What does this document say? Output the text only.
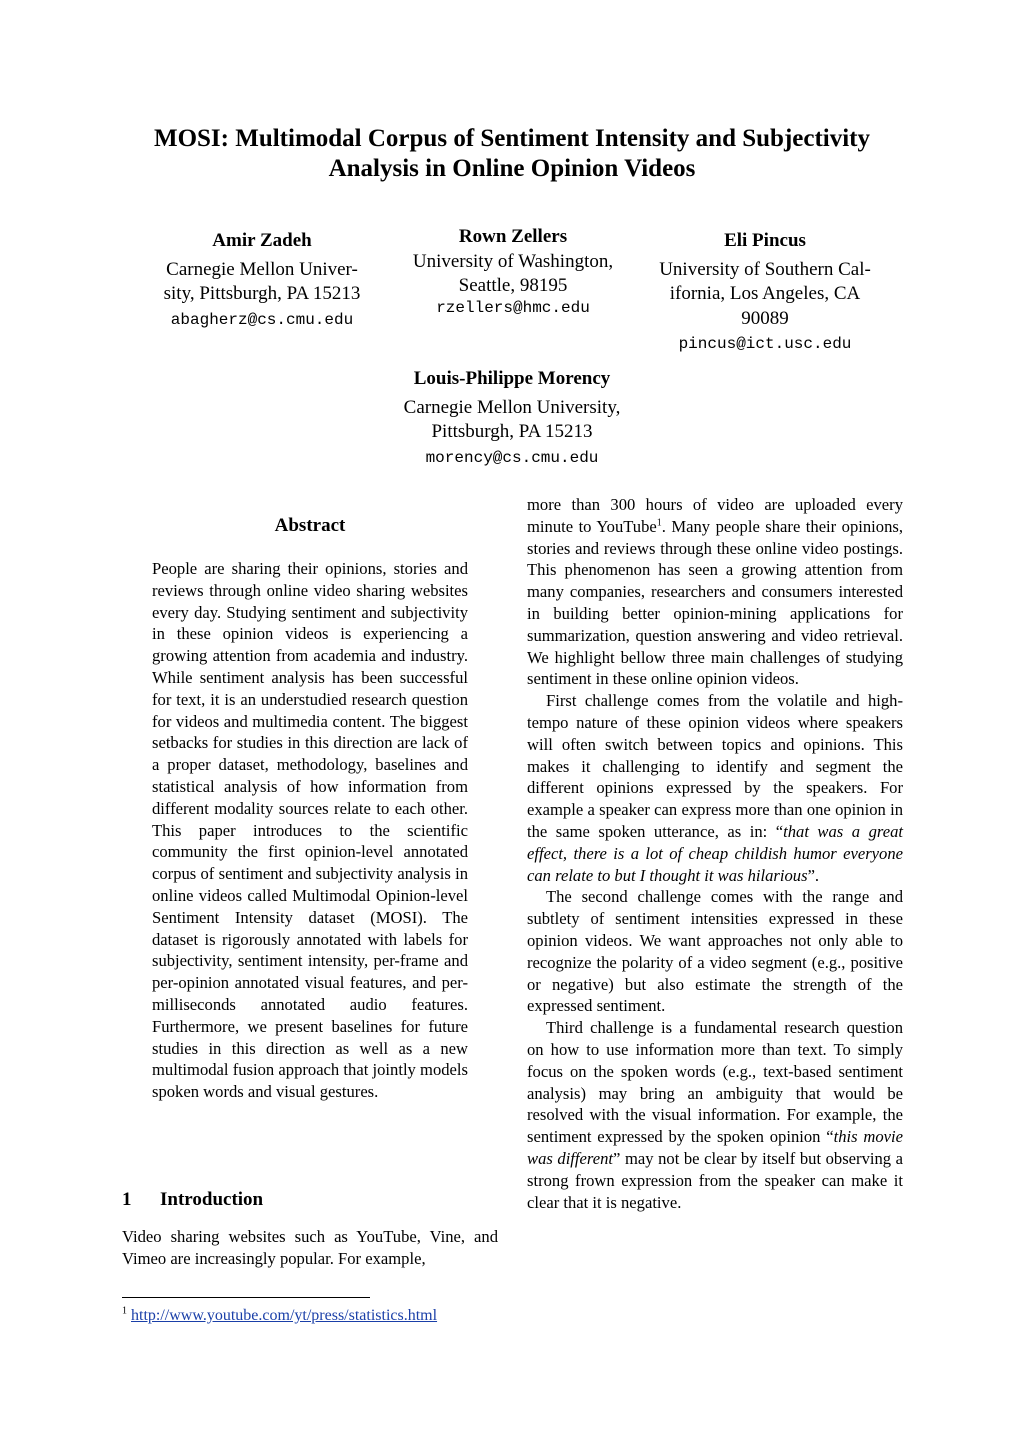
MOSI: Multimodal Corpus of Sentiment Intensity and Subjectivity
Analysis in Online Opinion Videos
Amir Zadeh
Carnegie Mellon Univer-
sity, Pittsburgh, PA 15213
abagherz@cs.cmu.edu
Rown Zellers
University of Washington,
Seattle, 98195
rzellers@hmc.edu
Eli Pincus
University of Southern Cal-
ifornia, Los Angeles, CA
90089
pincus@ict.usc.edu
Louis-Philippe Morency
Carnegie Mellon University,
Pittsburgh, PA 15213
morency@cs.cmu.edu
Abstract

People are sharing their opinions, stories and reviews through online video sharing websites every day. Studying sentiment and subjectivity in these opinion videos is experiencing a growing attention from academia and industry. While sentiment analysis has been successful for text, it is an understudied research question for videos and multimedia content. The biggest setbacks for studies in this direction are lack of a proper dataset, methodology, baselines and statistical analysis of how information from different modality sources relate to each other. This paper introduces to the scientific community the first opinion-level annotated corpus of sentiment and subjectivity analysis in online videos called Multimodal Opinion-level Sentiment Intensity dataset (MOSI). The dataset is rigorously annotated with labels for subjectivity, sentiment intensity, per-frame and per-opinion annotated visual features, and per-milliseconds annotated audio features. Furthermore, we present baselines for future studies in this direction as well as a new multimodal fusion approach that jointly models spoken words and visual gestures.

1 Introduction

Video sharing websites such as YouTube, Vine, and Vimeo are increasingly popular. For example,

more than 300 hours of video are uploaded every minute to YouTube$^1$. Many people share their opinions, stories and reviews through these online video postings. This phenomenon has seen a growing attention from many companies, researchers and consumers interested in building better opinion-mining applications for summarization, question answering and video retrieval. We highlight bellow three main challenges of studying sentiment in these online opinion videos.

First challenge comes from the volatile and high-tempo nature of these opinion videos where speakers will often switch between topics and opinions. This makes it challenging to identify and segment the different opinions expressed by the speakers. For example a speaker can express more than one opinion in the same spoken utterance, as in: “that was a great effect, there is a lot of cheap childish humor everyone can relate to but I thought it was hilarious”.

The second challenge comes with the range and subtlety of sentiment intensities expressed in these opinion videos. We want approaches not only able to recognize the polarity of a video segment (e.g., positive or negative) but also estimate the strength of the expressed sentiment.

Third challenge is a fundamental research question on how to use information more than text. To simply focus on the spoken words (e.g., text-based sentiment analysis) may bring an ambiguity that would be resolved with the visual information. For example, the sentiment expressed by the spoken opinion “this movie was different” may not be clear by itself but observing a strong frown expression from the speaker can make it clear that it is negative.

$^1$ http://www.youtube.com/yt/press/statistics.html
